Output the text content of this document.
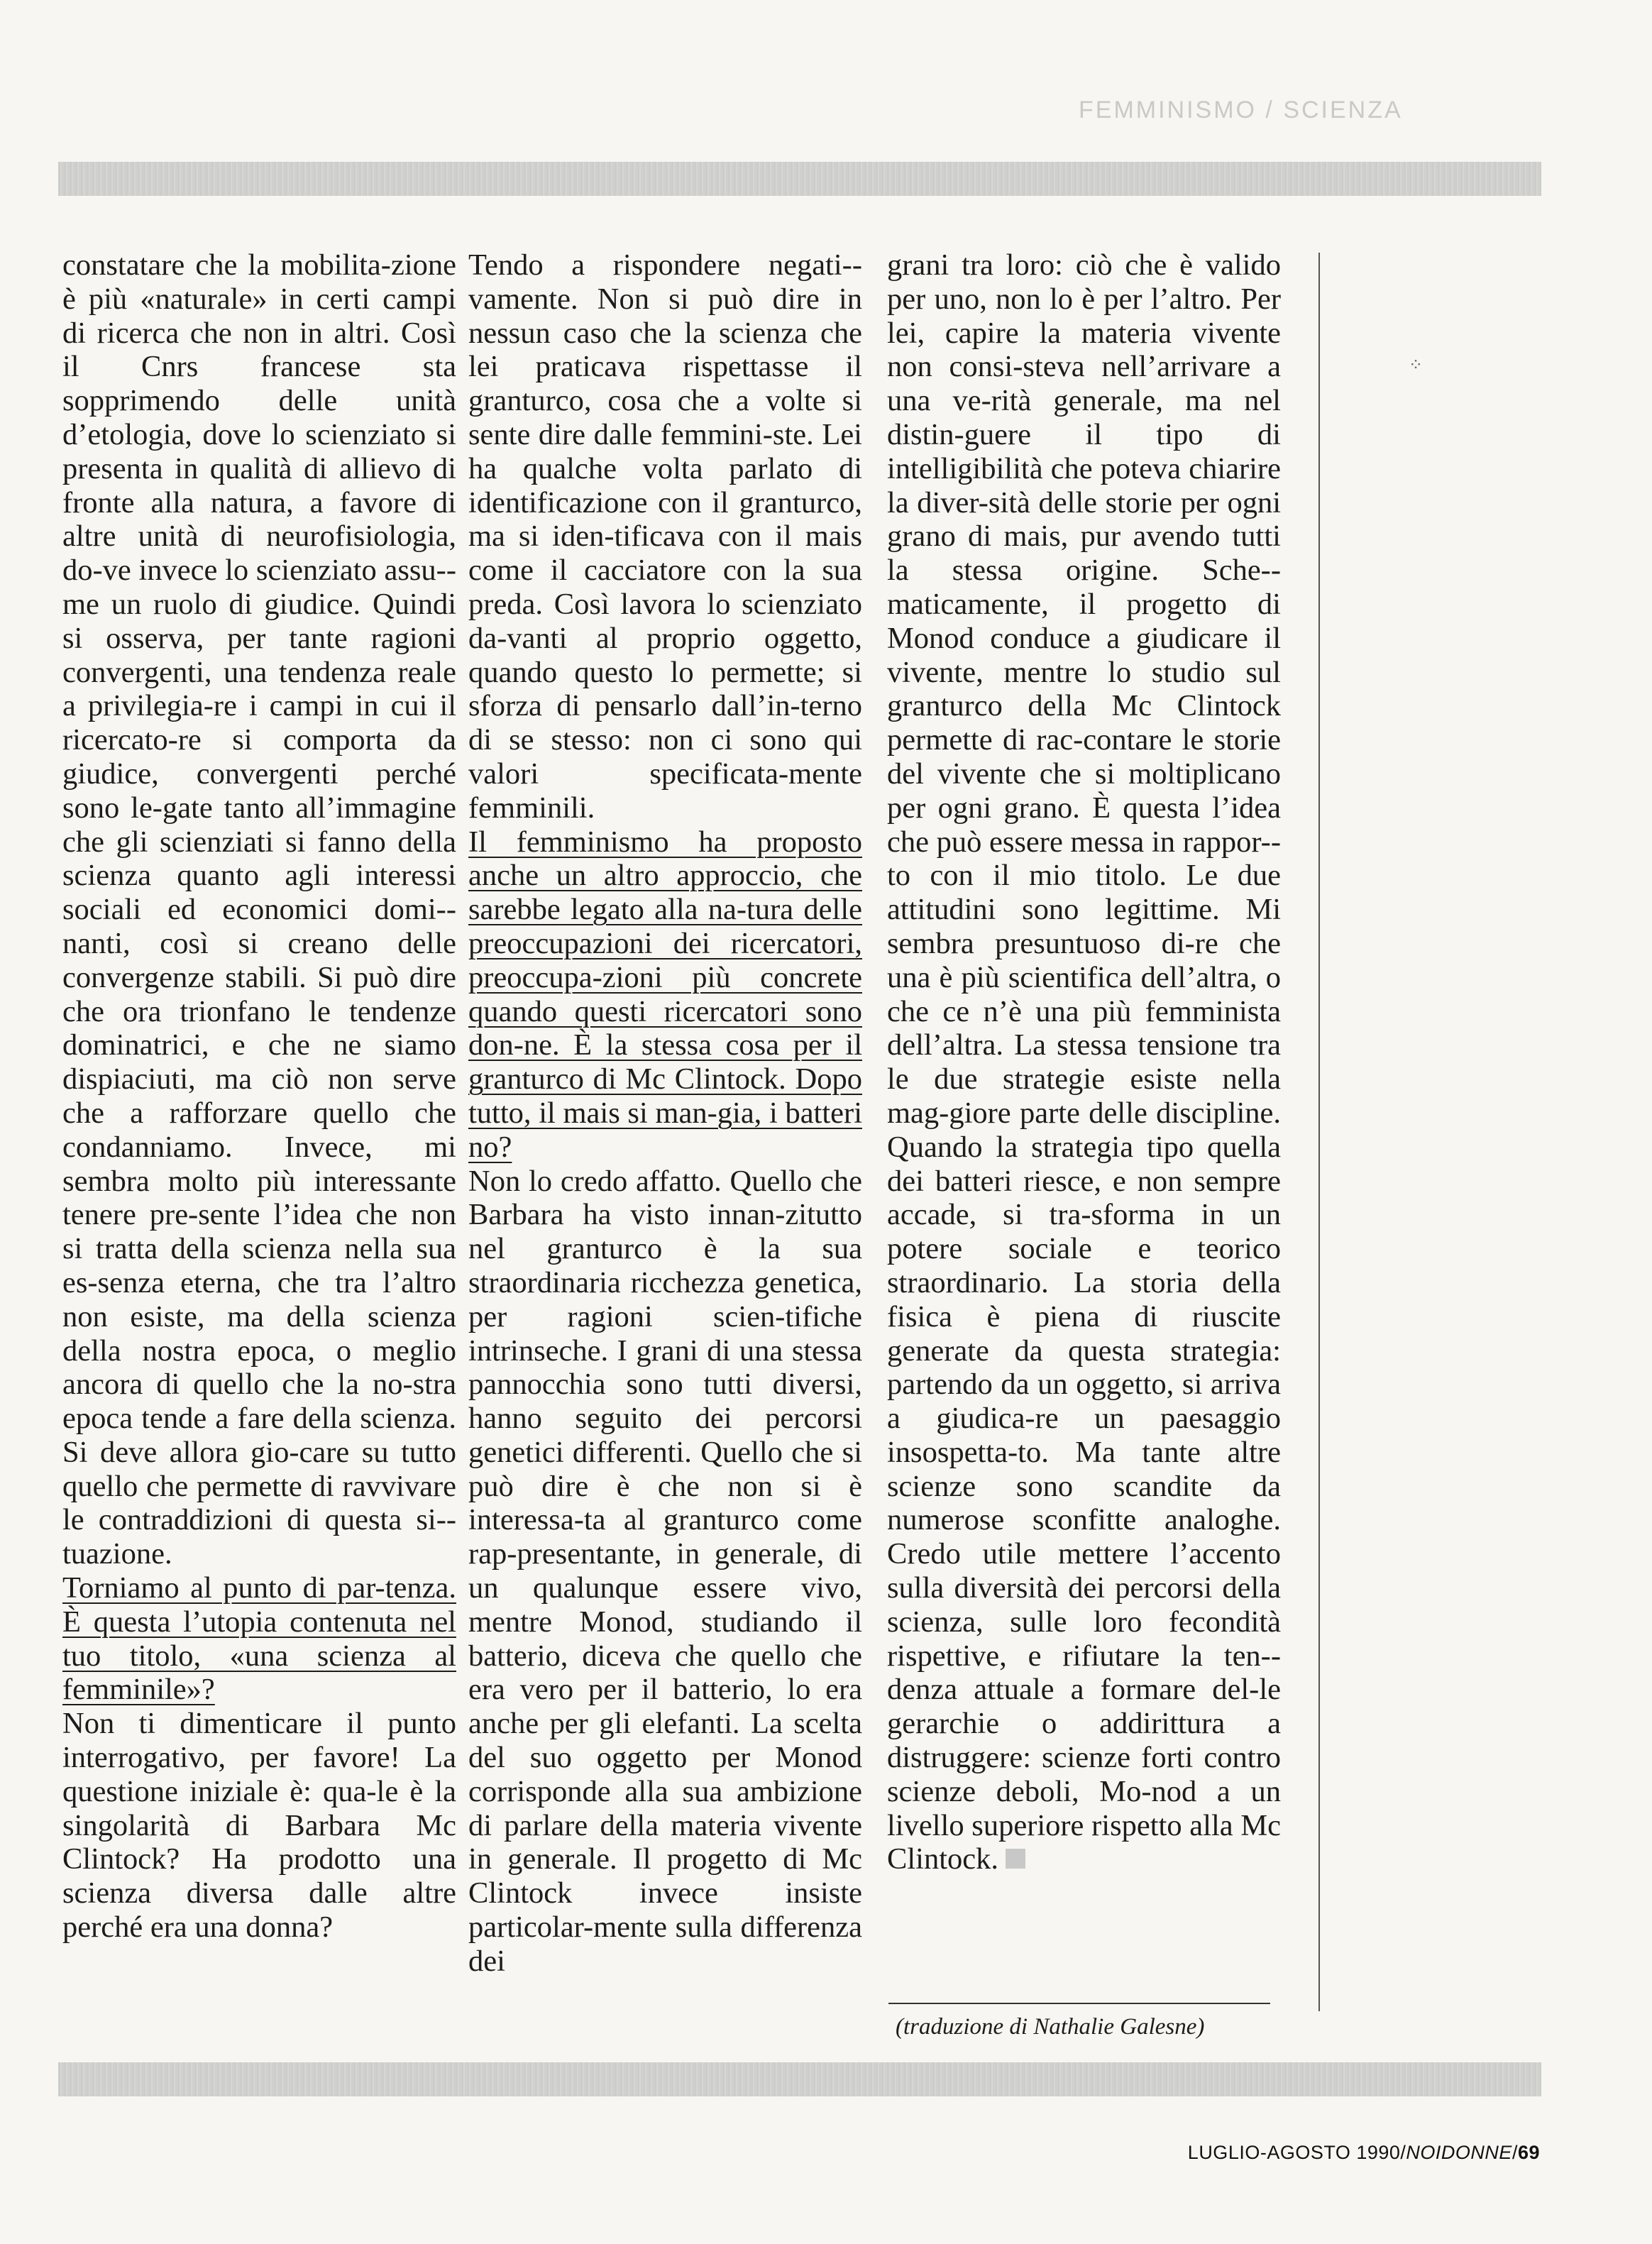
FEMMINISMO / SCIENZA

constatare che la mobilita-zione è più «naturale» in certi campi di ricerca che non in altri. Così il Cnrs francese sta sopprimendo delle unità d’etologia, dove lo scienziato si presenta in qualità di allievo di fronte alla natura, a favore di altre unità di neurofisiologia, do-ve invece lo scienziato assu-me un ruolo di giudice. Quindi si osserva, per tante ragioni convergenti, una tendenza reale a privilegia-re i campi in cui il ricercato-re si comporta da giudice, convergenti perché sono le-gate tanto all’immagine che gli scienziati si fanno della scienza quanto agli interessi sociali ed economici domi-nanti, così si creano delle convergenze stabili. Si può dire che ora trionfano le tendenze dominatrici, e che ne siamo dispiaciuti, ma ciò non serve che a rafforzare quello che condanniamo. Invece, mi sembra molto più interessante tenere pre-sente l’idea che non si tratta della scienza nella sua es-senza eterna, che tra l’altro non esiste, ma della scienza della nostra epoca, o meglio ancora di quello che la no-stra epoca tende a fare della scienza. Si deve allora gio-care su tutto quello che permette di ravvivare le contraddizioni di questa si-tuazione.

Torniamo al punto di par-tenza. È questa l’utopia contenuta nel tuo titolo, «una scienza al femminile»?

Non ti dimenticare il punto interrogativo, per favore! La questione iniziale è: qua-le è la singolarità di Barbara Mc Clintock? Ha prodotto una scienza diversa dalle altre perché era una donna?

Tendo a rispondere negati-vamente. Non si può dire in nessun caso che la scienza che lei praticava rispettasse il granturco, cosa che a volte si sente dire dalle femmini-ste. Lei ha qualche volta parlato di identificazione con il granturco, ma si iden-tificava con il mais come il cacciatore con la sua preda. Così lavora lo scienziato da-vanti al proprio oggetto, quando questo lo permette; si sforza di pensarlo dall’in-terno di se stesso: non ci sono qui valori specificata-mente femminili.

Il femminismo ha proposto anche un altro approccio, che sarebbe legato alla na-tura delle preoccupazioni dei ricercatori, preoccupa-zioni più concrete quando questi ricercatori sono don-ne. È la stessa cosa per il granturco di Mc Clintock. Dopo tutto, il mais si man-gia, i batteri no?

Non lo credo affatto. Quello che Barbara ha visto innan-zitutto nel granturco è la sua straordinaria ricchezza genetica, per ragioni scien-tifiche intrinseche. I grani di una stessa pannocchia sono tutti diversi, hanno seguito dei percorsi genetici differenti. Quello che si può dire è che non si è interessa-ta al granturco come rap-presentante, in generale, di un qualunque essere vivo, mentre Monod, studiando il batterio, diceva che quello che era vero per il batterio, lo era anche per gli elefanti. La scelta del suo oggetto per Monod corrisponde alla sua ambizione di parlare della materia vivente in generale. Il progetto di Mc Clintock invece insiste particolar-mente sulla differenza dei

grani tra loro: ciò che è valido per uno, non lo è per l’altro. Per lei, capire la materia vivente non consi-steva nell’arrivare a una ve-rità generale, ma nel distin-guere il tipo di intelligibilità che poteva chiarire la diver-sità delle storie per ogni grano di mais, pur avendo tutti la stessa origine. Sche-maticamente, il progetto di Monod conduce a giudicare il vivente, mentre lo studio sul granturco della Mc Clintock permette di rac-contare le storie del vivente che si moltiplicano per ogni grano. È questa l’idea che può essere messa in rappor-to con il mio titolo. Le due attitudini sono legittime. Mi sembra presuntuoso di-re che una è più scientifica dell’altra, o che ce n’è una più femminista dell’altra. La stessa tensione tra le due strategie esiste nella mag-giore parte delle discipline. Quando la strategia tipo quella dei batteri riesce, e non sempre accade, si tra-sforma in un potere sociale e teorico straordinario. La storia della fisica è piena di riuscite generate da questa strategia: partendo da un oggetto, si arriva a giudica-re un paesaggio insospetta-to. Ma tante altre scienze sono scandite da numerose sconfitte analoghe. Credo utile mettere l’accento sulla diversità dei percorsi della scienza, sulle loro fecondità rispettive, e rifiutare la ten-denza attuale a formare del-le gerarchie o addirittura a distruggere: scienze forti contro scienze deboli, Mo-nod a un livello superiore rispetto alla Mc Clintock.

(traduzione di Nathalie Galesne)
⁘
LUGLIO-AGOSTO 1990/NOIDONNE/69
